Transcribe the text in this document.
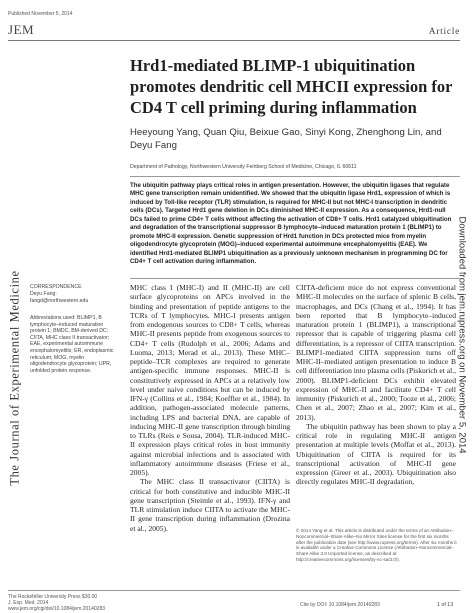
Published November 5, 2014
JEM	Article
The Journal of Experimental Medicine	Downloaded from jem.rupress.org on November 5, 2014
Hrd1-mediated BLIMP-1 ubiquitination promotes dendritic cell MHCII expression for CD4 T cell priming during inflammation
Heeyoung Yang, Quan Qiu, Beixue Gao, Sinyi Kong, Zhenghong Lin, and Deyu Fang
Department of Pathology, Northwestern University Feinberg School of Medicine, Chicago, IL 60611
The ubiquitin pathway plays critical roles in antigen presentation. However, the ubiquitin ligases that regulate MHC gene transcription remain unidentified. We showed that the ubiquitin ligase Hrd1, expression of which is induced by Toll-like receptor (TLR) stimulation, is required for MHC-II but not MHC-I transcription in dendritic cells (DCs). Targeted Hrd1 gene deletion in DCs diminished MHC-II expression. As a consequence, Hrd1-null DCs failed to prime CD4+ T cells without affecting the activation of CD8+ T cells. Hrd1 catalyzed ubiquitination and degradation of the transcriptional suppressor B lymphocyte–induced maturation protein 1 (BLIMP1) to promote MHC-II expression. Genetic suppression of Hrd1 function in DCs protected mice from myelin oligodendrocyte glycoprotein (MOG)–induced experimental autoimmune encephalomyelitis (EAE). We identified Hrd1-mediated BLIMP1 ubiquitination as a previously unknown mechanism in programming DC for CD4+ T cell activation during inflammation.
CORRESPONDENCE
Deyu Fang:
fangd@northwestern.edu
Abbreviations used: BLIMP1, B lymphocyte–induced maturation protein 1; BMDC, BM-derived DC; CIITA, MHC class II transactivator; EAE, experimental autoimmune encephalomyelitis; ER, endoplasmic reticulum; MOG, myelin oligodendrocyte glycoprotein; UPR, unfolded protein response.

MHC class I (MHC-I) and II (MHC-II) are cell surface glycoproteins on APCs involved in the binding and presentation of peptide antigens to the TCRs of T lymphocytes. MHC-I presents antigen from endogenous sources to CD8+ T cells, whereas MHC-II presents peptide from exogenous sources to CD4+ T cells (Rudolph et al., 2006; Adams and Luoma, 2013; Merad et al., 2013). These MHC–peptide–TCR complexes are required to generate antigen-specific immune responses. MHC-II is constitutively expressed in APCs at a relatively low level under naive conditions but can be induced by IFN-γ (Collins et al., 1984; Koeffler et al., 1984). In addition, pathogen-associated molecule patterns, including LPS and bacterial DNA, are capable of inducing MHC-II gene transcription through binding to TLRs (Reis e Sousa, 2004). TLR-induced MHC-II expression plays critical roles in host immunity against microbial infections and is associated with inflammatory autoimmune diseases (Friese et al., 2005).

The MHC class II transactivator (CIITA) is critical for both constitutive and inducible MHC-II gene transcription (Steimle et al., 1993). IFN-γ and TLR stimulation induce CIITA to activate the MHC-II gene transcription during inflammation (Drozina et al., 2005).

CIITA-deficient mice do not express conventional MHC-II molecules on the surface of splenic B cells, macrophages, and DCs (Chang et al., 1994). It has been reported that B lymphocyte–induced maturation protein 1 (BLIMP1), a transcriptional repressor that is capable of triggering plasma cell differentiation, is a repressor of CIITA transcription. BLIMP1-mediated CIITA suppression turns off MHC-II–mediated antigen presentation to induce B cell differentiation into plasma cells (Piskurich et al., 2000). BLIMP1-deficient DCs exhibit elevated expression of MHC-II and facilitate CD4+ T cell immunity (Piskurich et al., 2000; Tooze et al., 2006; Chen et al., 2007; Zhao et al., 2007; Kim et al., 2013).

The ubiquitin pathway has been shown to play a critical role in regulating MHC-II antigen presentation at multiple levels (Moffat et al., 2013). Ubiquitination of CIITA is required for its transcriptional activation of MHC-II gene expression (Greer et al., 2003). Ubiquitination also directly regulates MHC-II degradation,

© 2014 Yang et al. This article is distributed under the terms of an Attribution–Noncommercial–Share Alike–No Mirror Sites license for the first six months after the publication date (see http://www.rupress.org/terms). After six months it is available under a Creative Commons License (Attribution–Noncommercial–Share Alike 3.0 Unported license, as described at http://creativecommons.org/licenses/by-nc-sa/3.0/).
The Rockefeller University Press $30.00
J. Exp. Med. 2014
www.jem.org/cgi/doi/10.1084/jem.20140283
Cite by DOI: 10.1084/jem.20140283	1 of 13
